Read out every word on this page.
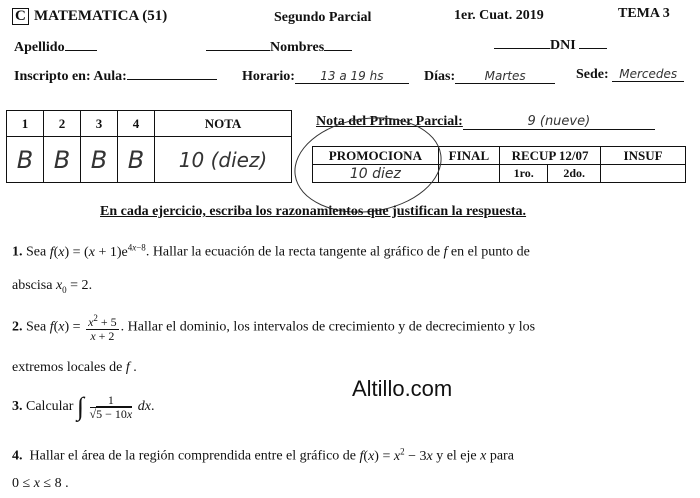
C MATEMATICA (51)	Segundo Parcial	1er. Cuat. 2019	TEMA 3
Apellido	Nombres	DNI
Inscripto en: Aula:	Horario: 13 a 19 hs	Días: Martes	Sede: Mercedes
1	2	3	4	NOTA
B	B	B	B	10 (diez)
Nota del Primer Parcial:	9 (nueve)
PROMOCIONA	FINAL	RECUP 12/07		INSUF
10 diez		1ro.	2do.	
En cada ejercicio, escriba los razonamientos que justifican la respuesta.
1. Sea $f(x) = (x + 1)e^{4x-8}$. Hallar la ecuación de la recta tangente al gráfico de f en el punto de
abscisa $x_0 = 2$.
2. Sea $f(x) = \frac{x^2 + 5}{x + 2}$ . Hallar el dominio, los intervalos de crecimiento y de decrecimiento y los
extremos locales de f .
Altillo.com
3. Calcular ∫ $\frac{1}{√5 - 10x}$ dx.
4. Hallar el área de la región comprendida entre el gráfico de $f(x) = x^2 - 3x$ y el eje x para
0 ≤ x ≤ 8 .
